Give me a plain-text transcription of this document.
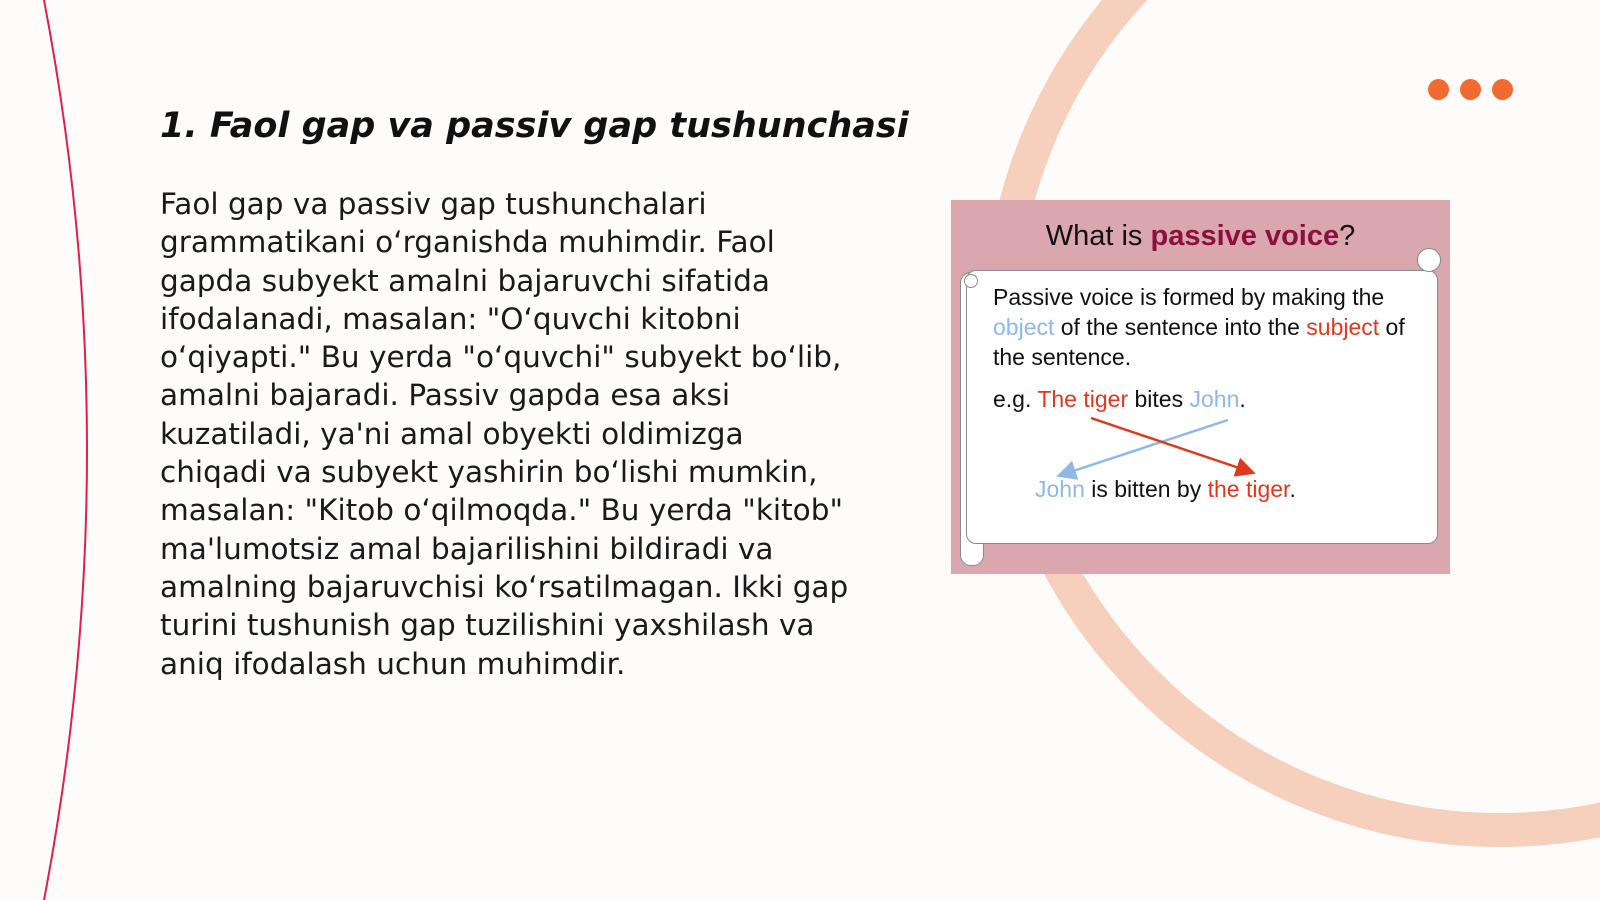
1. Faol gap va passiv gap tushunchasi

Faol gap va passiv gap tushunchalari grammatikani o‘rganishda muhimdir. Faol gapda subyekt amalni bajaruvchi sifatida ifodalanadi, masalan: "O‘quvchi kitobni o‘qiyapti." Bu yerda "o‘quvchi" subyekt bo‘lib, amalni bajaradi. Passiv gapda esa aksi kuzatiladi, ya'ni amal obyekti oldimizga chiqadi va subyekt yashirin bo‘lishi mumkin, masalan: "Kitob o‘qilmoqda." Bu yerda "kitob" ma'lumotsiz amal bajarilishini bildiradi va amalning bajaruvchisi ko‘rsatilmagan. Ikki gap turini tushunish gap tuzilishini yaxshilash va aniq ifodalash uchun muhimdir.

What is passive voice?
Passive voice is formed by making the object of the sentence into the subject of the sentence.
e.g. The tiger bites John.
John is bitten by the tiger.
